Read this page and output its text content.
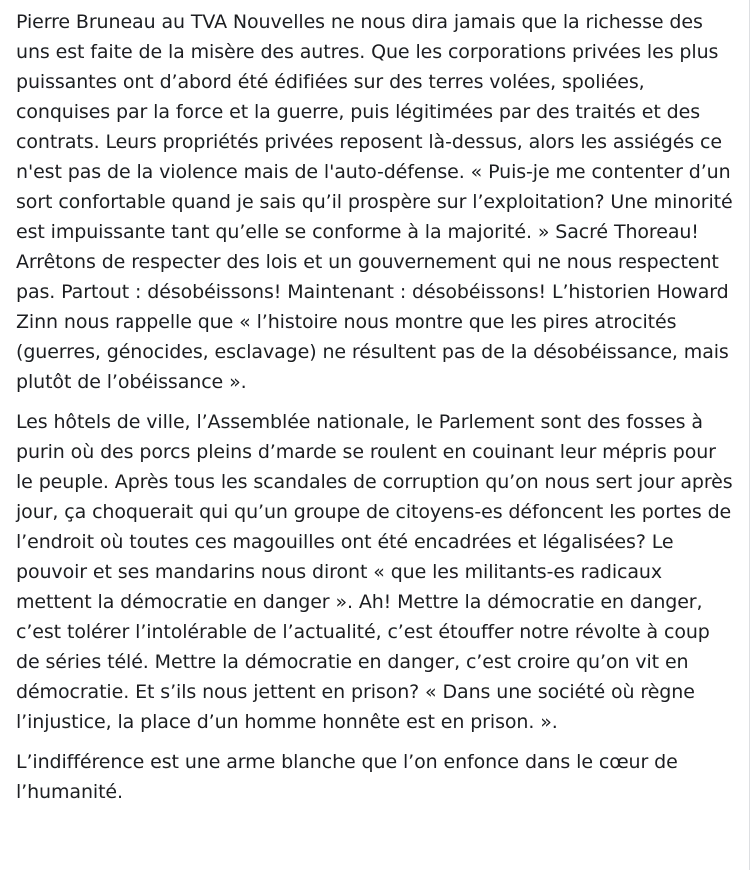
Pierre Bruneau au TVA Nouvelles ne nous dira jamais que la richesse des uns est faite de la misère des autres. Que les corporations privées les plus puissantes ont d’abord été édifiées sur des terres volées, spoliées, conquises par la force et la guerre, puis légitimées par des traités et des contrats. Leurs propriétés privées reposent là-dessus, alors les assiégés ce n'est pas de la violence mais de l'auto-défense. « Puis-je me contenter d’un sort confortable quand je sais qu’il prospère sur l’exploitation? Une minorité est impuissante tant qu’elle se conforme à la majorité. » Sacré Thoreau! Arrêtons de respecter des lois et un gouvernement qui ne nous respectent pas. Partout : désobéissons! Maintenant : désobéissons! L’historien Howard Zinn nous rappelle que « l’histoire nous montre que les pires atrocités (guerres, génocides, esclavage) ne résultent pas de la désobéissance, mais plutôt de l’obéissance ».

Les hôtels de ville, l’Assemblée nationale, le Parlement sont des fosses à purin où des porcs pleins d’marde se roulent en couinant leur mépris pour le peuple. Après tous les scandales de corruption qu’on nous sert jour après jour, ça choquerait qui qu’un groupe de citoyens-es défoncent les portes de l’endroit où toutes ces magouilles ont été encadrées et légalisées? Le pouvoir et ses mandarins nous diront « que les militants-es radicaux mettent la démocratie en danger ». Ah! Mettre la démocratie en danger, c’est tolérer l’intolérable de l’actualité, c’est étouffer notre révolte à coup de séries télé. Mettre la démocratie en danger, c’est croire qu’on vit en démocratie. Et s’ils nous jettent en prison? « Dans une société où règne l’injustice, la place d’un homme honnête est en prison. ».

L’indifférence est une arme blanche que l’on enfonce dans le cœur de l’humanité.
